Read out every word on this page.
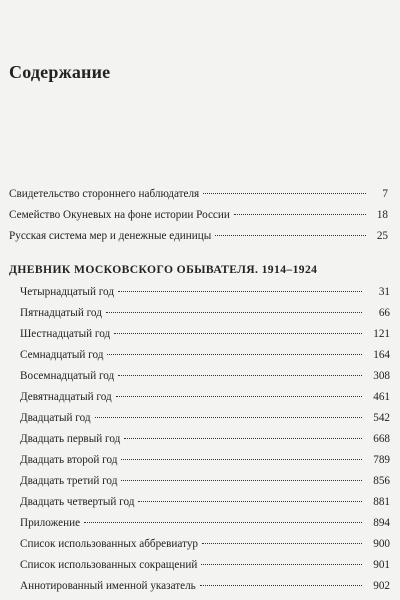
Содержание
Свидетельство стороннего наблюдателя	7
Семейство Окуневых на фоне истории России	18
Русская система мер и денежные единицы	25
ДНЕВНИК МОСКОВСКОГО ОБЫВАТЕЛЯ. 1914–1924
Четырнадцатый год	31
Пятнадцатый год	66
Шестнадцатый год	121
Семнадцатый год	164
Восемнадцатый год	308
Девятнадцатый год	461
Двадцатый год	542
Двадцать первый год	668
Двадцать второй год	789
Двадцать третий год	856
Двадцать четвертый год	881
Приложение	894
Список использованных аббревиатур	900
Список использованных сокращений	901
Аннотированный именной указатель	902
